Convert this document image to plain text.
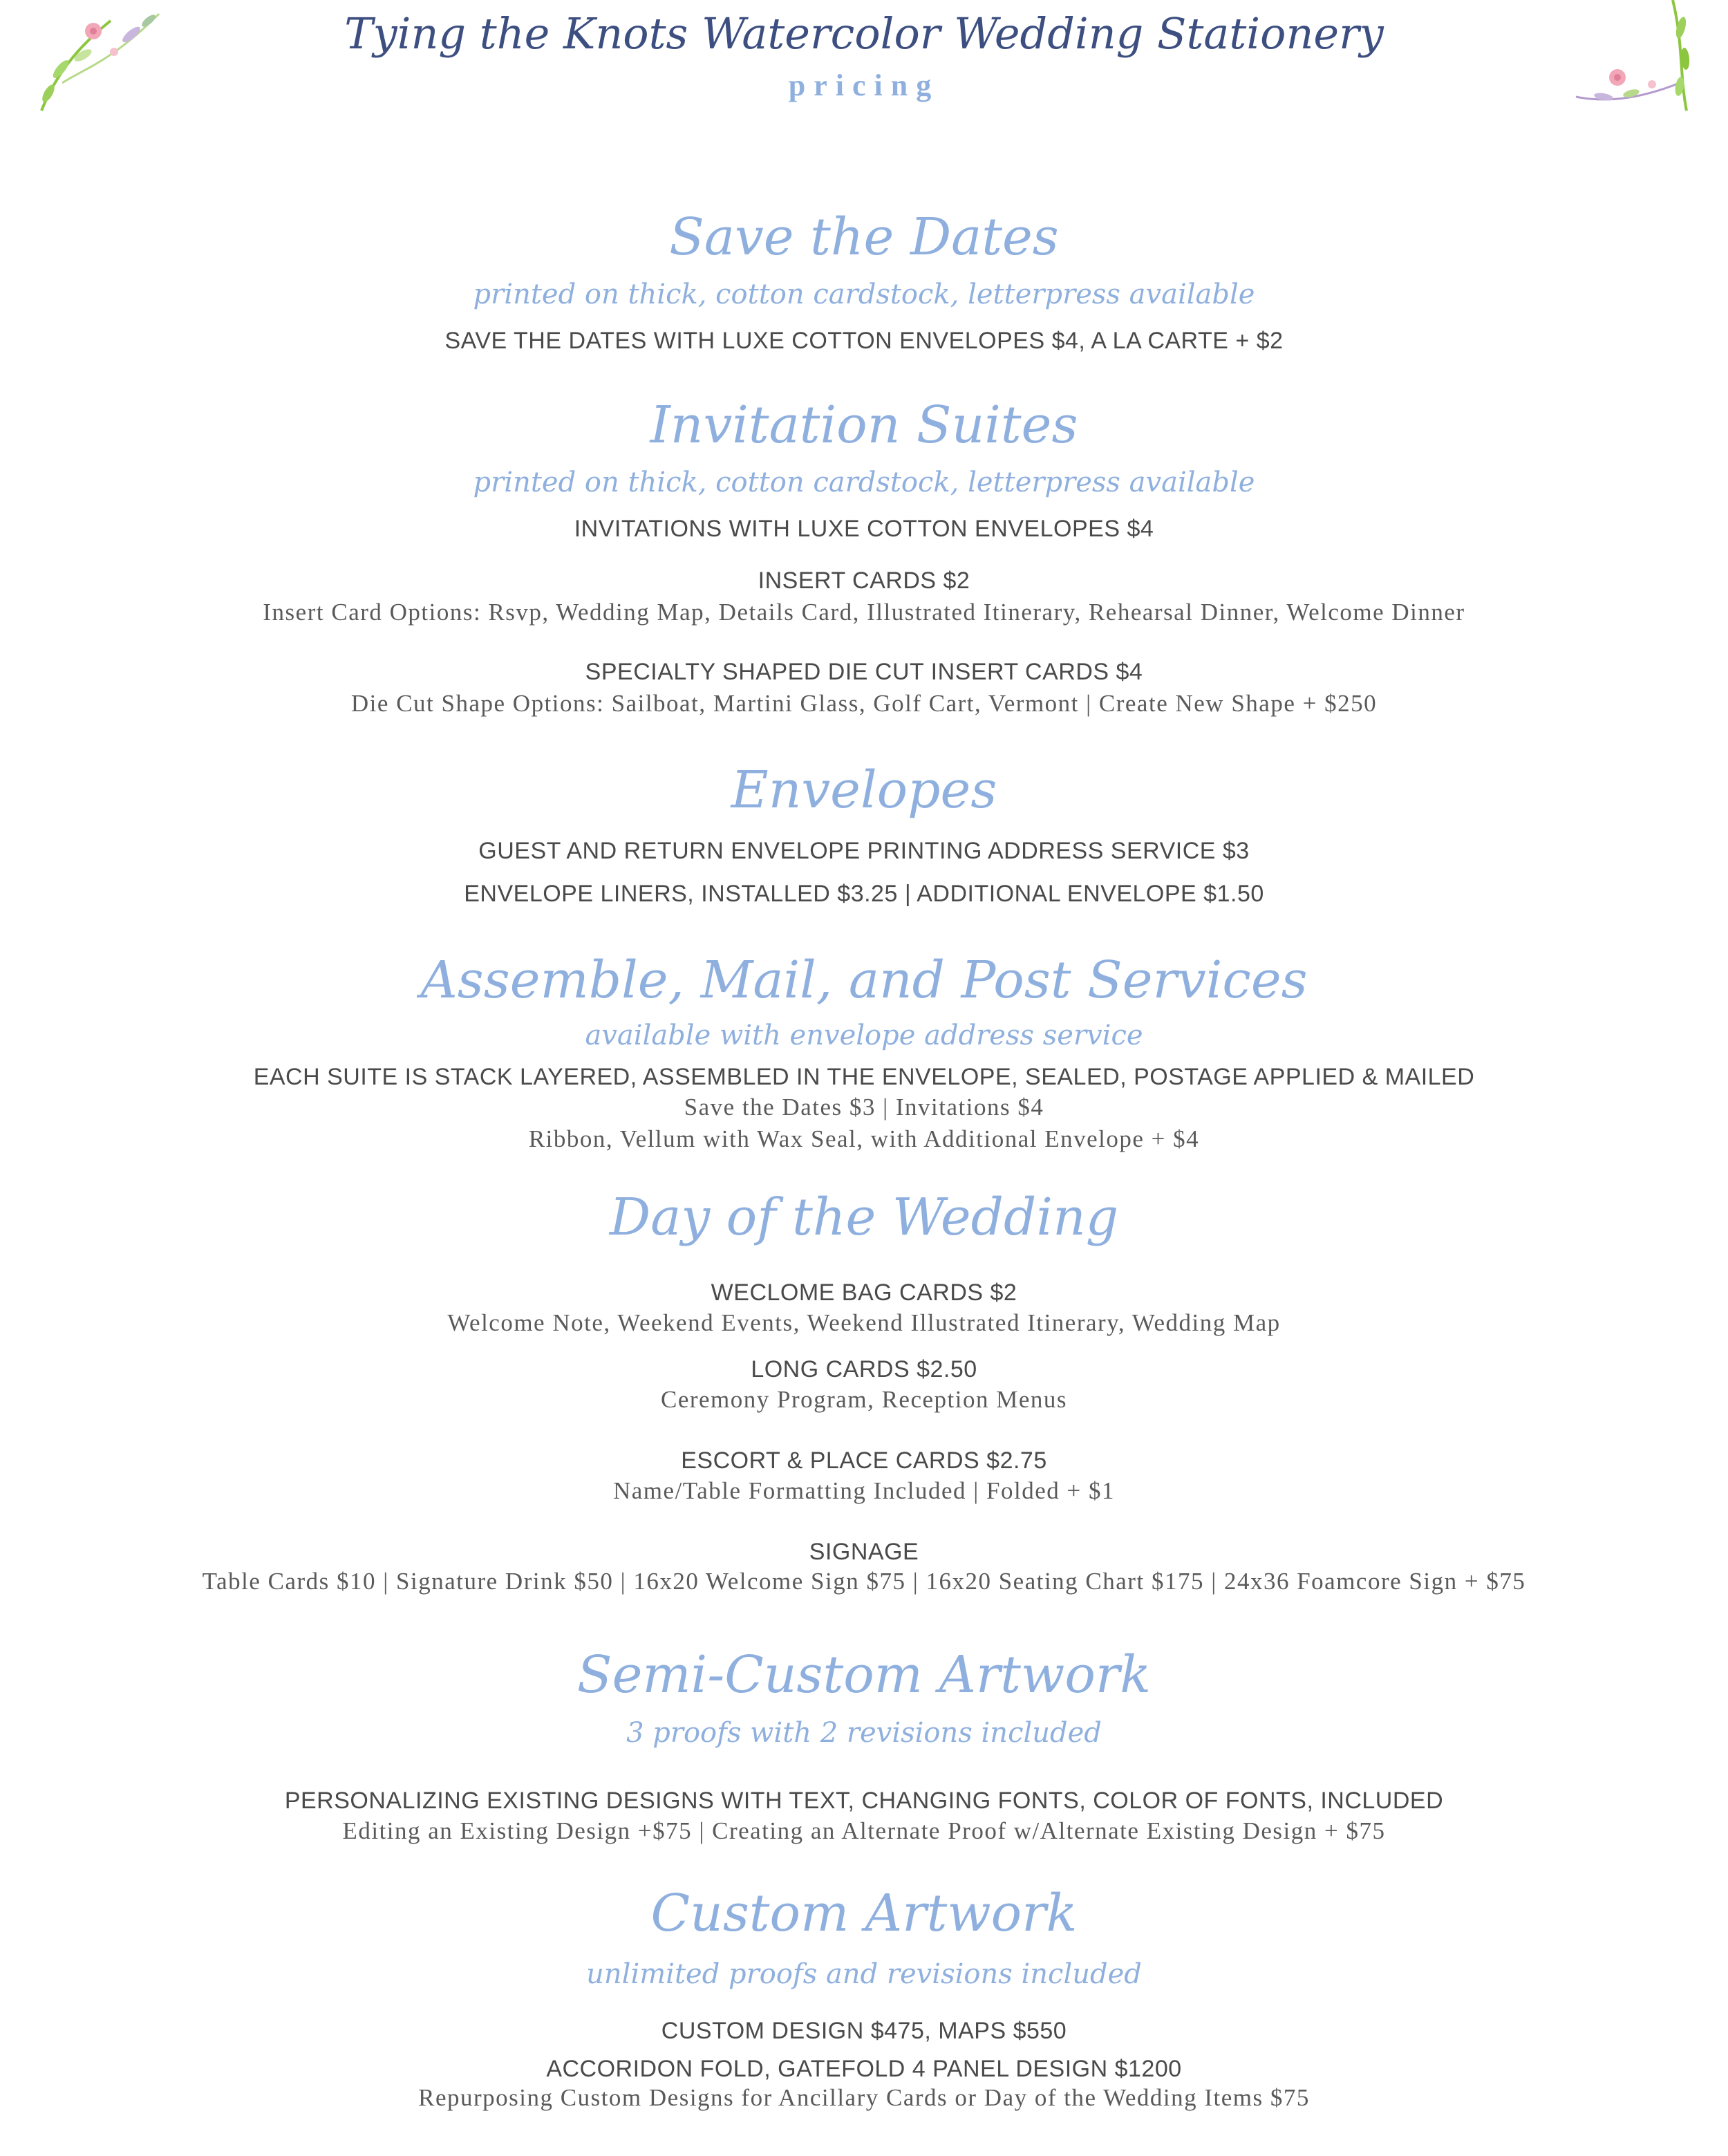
Tying the Knots Watercolor Wedding Stationery
pricing
Save the Dates
printed on thick, cotton cardstock, letterpress available
SAVE THE DATES WITH LUXE COTTON ENVELOPES $4, A LA CARTE + $2
Invitation Suites
printed on thick, cotton cardstock, letterpress available
INVITATIONS WITH LUXE COTTON ENVELOPES $4
INSERT CARDS $2
Insert Card Options: Rsvp, Wedding Map, Details Card, Illustrated Itinerary, Rehearsal Dinner, Welcome Dinner
SPECIALTY SHAPED DIE CUT INSERT CARDS $4
Die Cut Shape Options: Sailboat, Martini Glass, Golf Cart, Vermont | Create New Shape + $250
Envelopes
GUEST AND RETURN ENVELOPE PRINTING ADDRESS SERVICE $3
ENVELOPE LINERS, INSTALLED $3.25 | ADDITIONAL ENVELOPE $1.50
Assemble, Mail, and Post Services
available with envelope address service
EACH SUITE IS STACK LAYERED, ASSEMBLED IN THE ENVELOPE, SEALED, POSTAGE APPLIED & MAILED
Save the Dates $3 | Invitations $4
Ribbon, Vellum with Wax Seal, with Additional Envelope + $4
Day of the Wedding
WECLOME BAG CARDS $2
Welcome Note, Weekend Events, Weekend Illustrated Itinerary, Wedding Map
LONG CARDS $2.50
Ceremony Program, Reception Menus
ESCORT & PLACE CARDS $2.75
Name/Table Formatting Included | Folded + $1
SIGNAGE
Table Cards $10 | Signature Drink $50 | 16x20 Welcome Sign $75 | 16x20 Seating Chart $175 | 24x36 Foamcore Sign + $75
Semi-Custom Artwork
3 proofs with 2 revisions included
PERSONALIZING EXISTING DESIGNS WITH TEXT, CHANGING FONTS, COLOR OF FONTS, INCLUDED
Editing an Existing Design +$75 | Creating an Alternate Proof w/Alternate Existing Design + $75
Custom Artwork
unlimited proofs and revisions included
CUSTOM DESIGN $475, MAPS $550
ACCORIDON FOLD, GATEFOLD 4 PANEL DESIGN $1200
Repurposing Custom Designs for Ancillary Cards or Day of the Wedding Items $75
